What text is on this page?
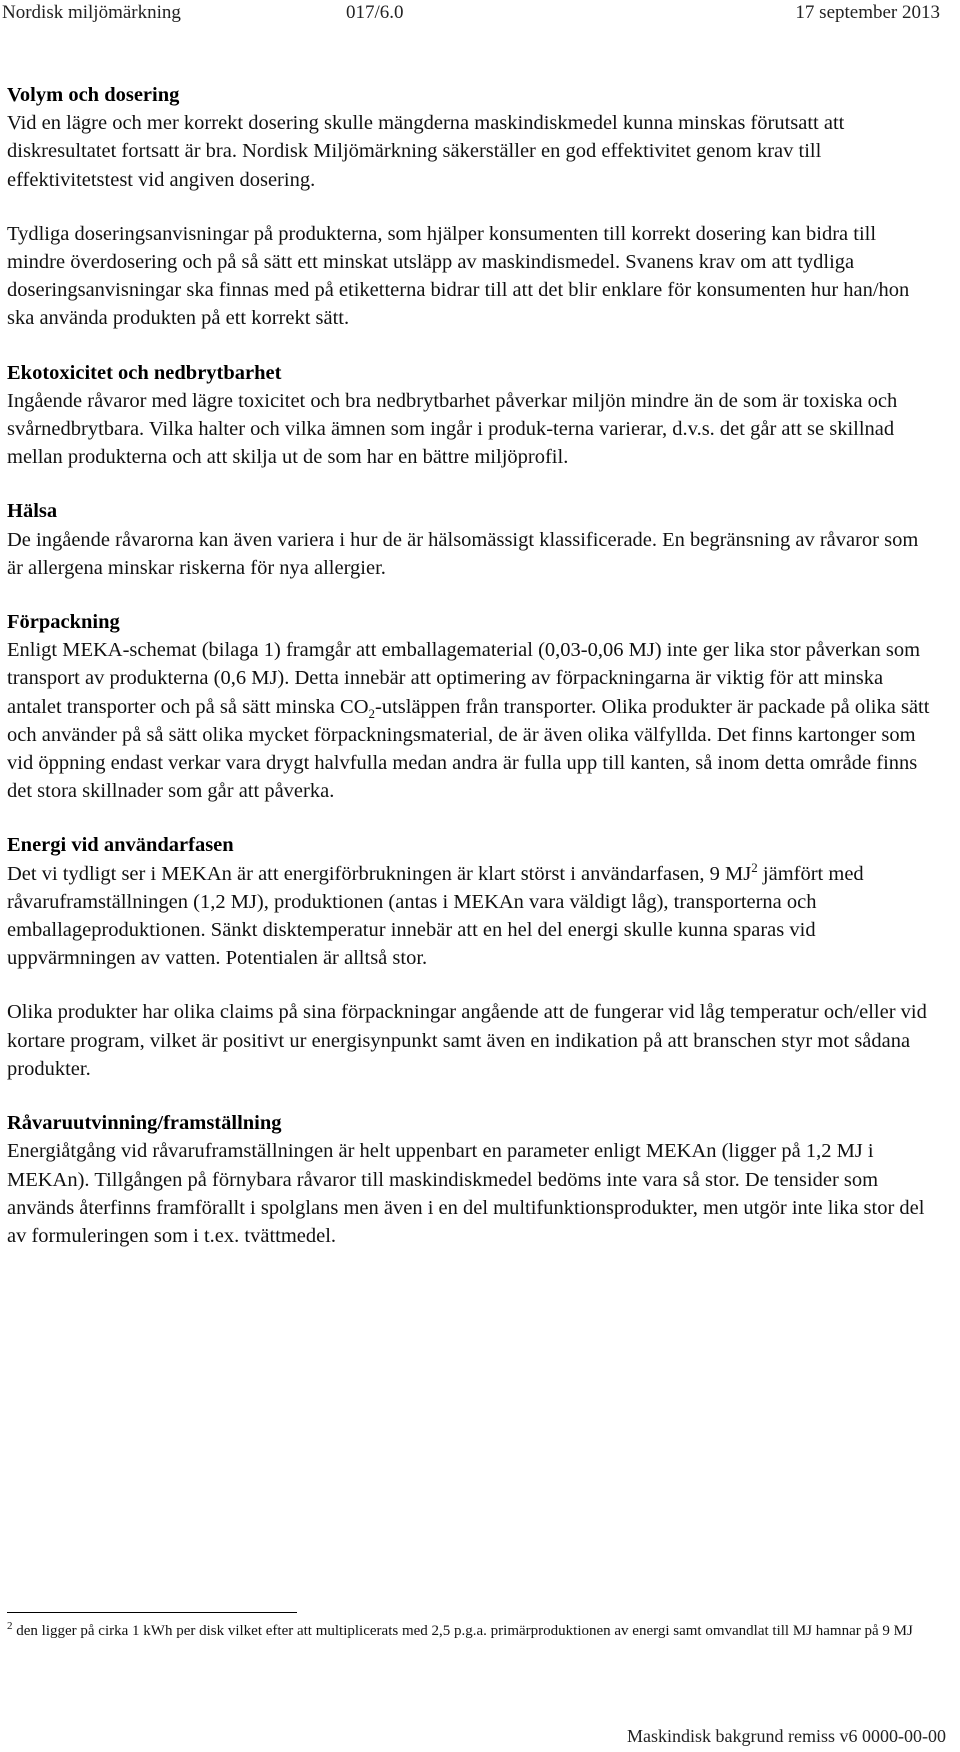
Nordisk miljömärkning	017/6.0	17 september 2013
Volym och dosering

Vid en lägre och mer korrekt dosering skulle mängderna maskindiskmedel kunna minskas förutsatt att diskresultatet fortsatt är bra. Nordisk Miljömärkning säkerställer en god effektivitet genom krav till effektivitetstest vid angiven dosering.

Tydliga doseringsanvisningar på produkterna, som hjälper konsumenten till korrekt dosering kan bidra till mindre överdosering och på så sätt ett minskat utsläpp av maskindismedel. Svanens krav om att tydliga doseringsanvisningar ska finnas med på etiketterna bidrar till att det blir enklare för konsumenten hur han/hon ska använda produkten på ett korrekt sätt.

Ekotoxicitet och nedbrytbarhet

Ingående råvaror med lägre toxicitet och bra nedbrytbarhet påverkar miljön mindre än de som är toxiska och svårnedbrytbara. Vilka halter och vilka ämnen som ingår i produk-terna varierar, d.v.s. det går att se skillnad mellan produkterna och att skilja ut de som har en bättre miljöprofil.

Hälsa

De ingående råvarorna kan även variera i hur de är hälsomässigt klassificerade. En begränsning av råvaror som är allergena minskar riskerna för nya allergier.

Förpackning

Enligt MEKA-schemat (bilaga 1) framgår att emballagematerial (0,03-0,06 MJ) inte ger lika stor påverkan som transport av produkterna (0,6 MJ). Detta innebär att optimering av förpackningarna är viktig för att minska antalet transporter och på så sätt minska $CO_2$-utsläppen från transporter. Olika produkter är packade på olika sätt och använder på så sätt olika mycket förpackningsmaterial, de är även olika välfyllda. Det finns kartonger som vid öppning endast verkar vara drygt halvfulla medan andra är fulla upp till kanten, så inom detta område finns det stora skillnader som går att påverka.

Energi vid användarfasen

Det vi tydligt ser i MEKAn är att energiförbrukningen är klart störst i användarfasen, 9 $MJ^2$ jämfört med råvaruframställningen (1,2 MJ), produktionen (antas i MEKAn vara väldigt låg), transporterna och emballageproduktionen. Sänkt disktemperatur innebär att en hel del energi skulle kunna sparas vid uppvärmningen av vatten. Potentialen är alltså stor.

Olika produkter har olika claims på sina förpackningar angående att de fungerar vid låg temperatur och/eller vid kortare program, vilket är positivt ur energisynpunkt samt även en indikation på att branschen styr mot sådana produkter.

Råvaruutvinning/framställning

Energiåtgång vid råvaruframställningen är helt uppenbart en parameter enligt MEKAn (ligger på 1,2 MJ i MEKAn). Tillgången på förnybara råvaror till maskindiskmedel bedöms inte vara så stor. De tensider som används återfinns framförallt i spolglans men även i en del multifunktionsprodukter, men utgör inte lika stor del av formuleringen som i t.ex. tvättmedel.

$^2$ den ligger på cirka 1 kWh per disk vilket efter att multiplicerats med 2,5 p.g.a. primärproduktionen av energi samt omvandlat till MJ hamnar på 9 MJ
Maskindisk bakgrund remiss v6 0000-00-00
